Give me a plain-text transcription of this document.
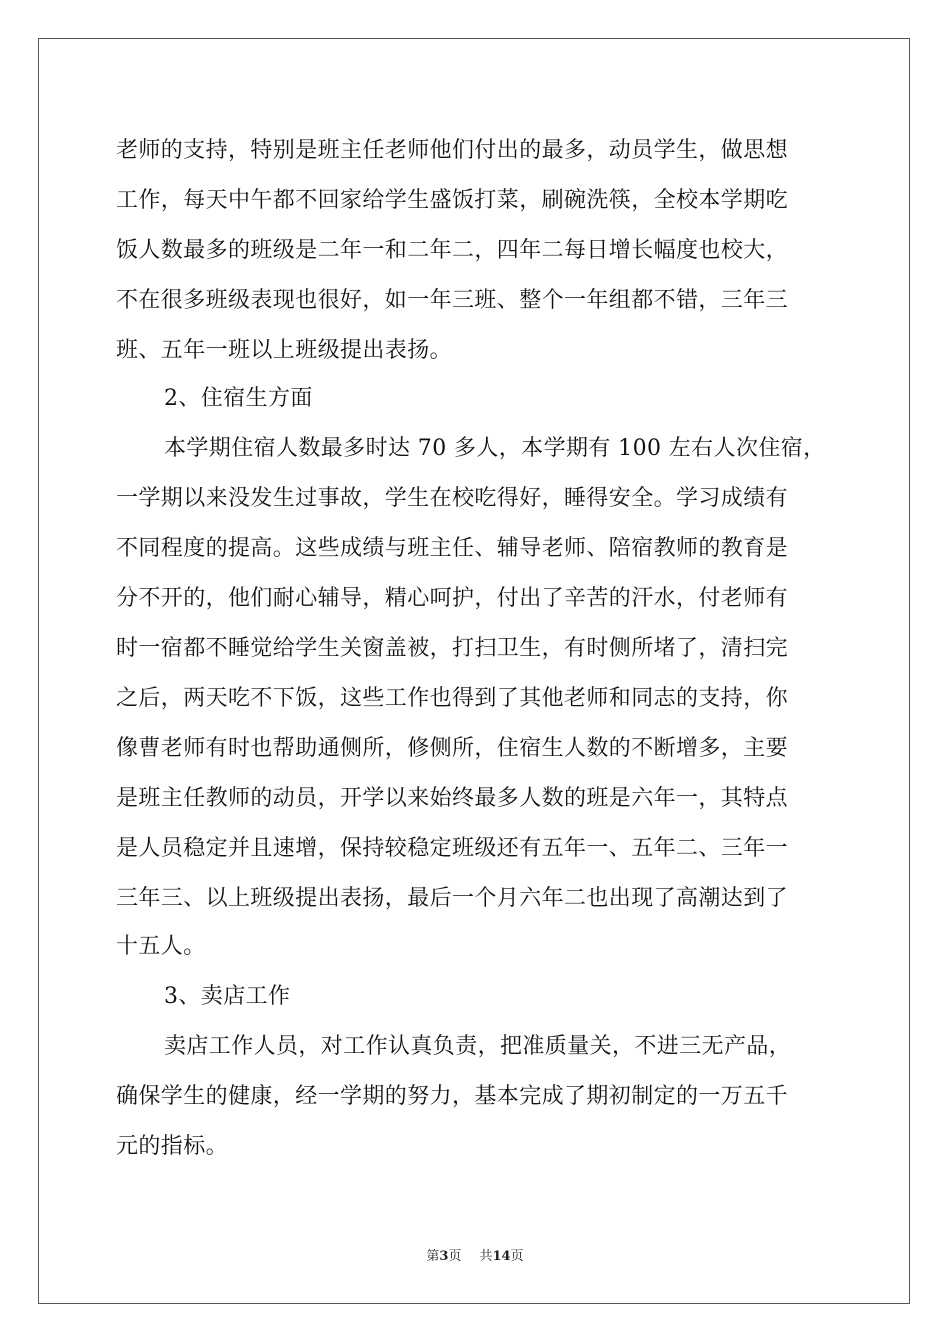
老师的支持，特别是班主任老师他们付出的最多，动员学生，做思想
工作，每天中午都不回家给学生盛饭打菜，刷碗洗筷，全校本学期吃
饭人数最多的班级是二年一和二年二，四年二每日增长幅度也校大，
不在很多班级表现也很好，如一年三班、整个一年组都不错，三年三
班、五年一班以上班级提出表扬。
2、住宿生方面
本学期住宿人数最多时达 70 多人，本学期有 100 左右人次住宿，
一学期以来没发生过事故，学生在校吃得好，睡得安全。学习成绩有
不同程度的提高。这些成绩与班主任、辅导老师、陪宿教师的教育是
分不开的，他们耐心辅导，精心呵护，付出了辛苦的汗水，付老师有
时一宿都不睡觉给学生关窗盖被，打扫卫生，有时侧所堵了，清扫完
之后，两天吃不下饭，这些工作也得到了其他老师和同志的支持，你
像曹老师有时也帮助通侧所，修侧所，住宿生人数的不断增多，主要
是班主任教师的动员，开学以来始终最多人数的班是六年一，其特点
是人员稳定并且速增，保持较稳定班级还有五年一、五年二、三年一
三年三、以上班级提出表扬，最后一个月六年二也出现了高潮达到了
十五人。
3、卖店工作
卖店工作人员，对工作认真负责，把准质量关，不进三无产品，
确保学生的健康，经一学期的努力，基本完成了期初制定的一万五千
元的指标。
第3页 共14页
